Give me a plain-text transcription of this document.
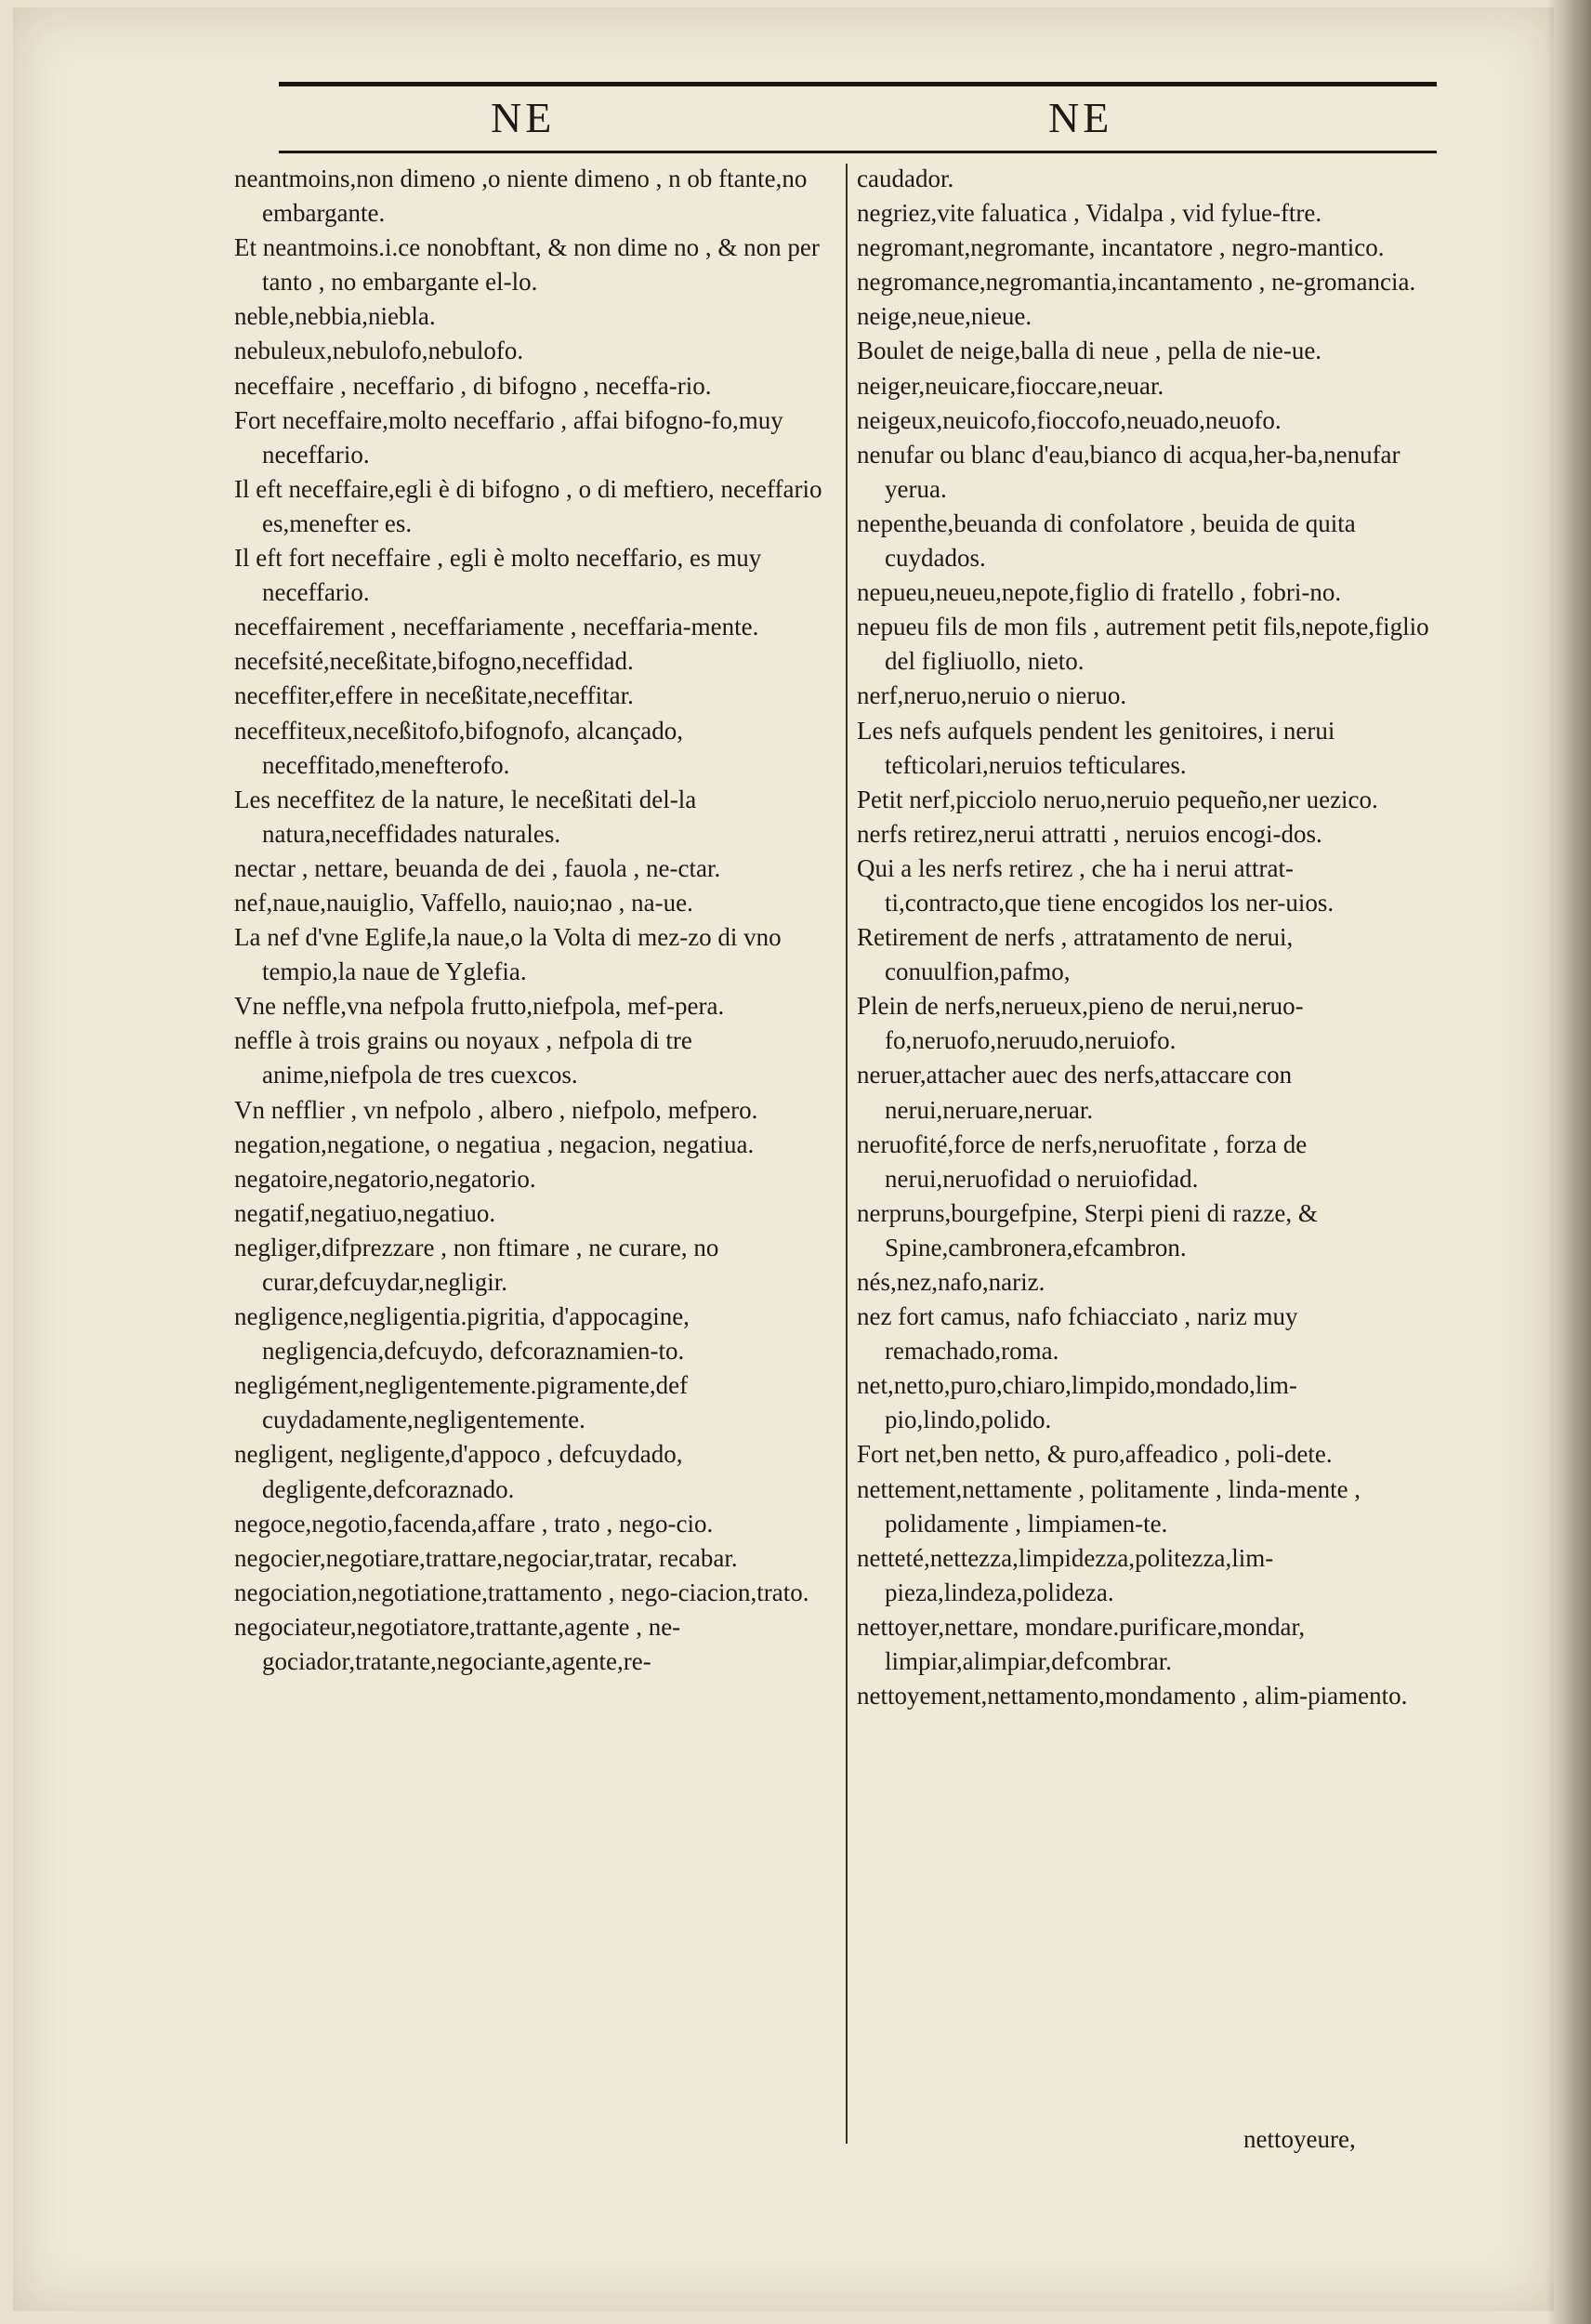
NE	NE

neantmoins,non dimeno ,o niente dimeno , n ob ftante,no embargante.

Et neantmoins.i.ce nonobftant, & non dime no , & non per tanto , no embargante el-lo.

neble,nebbia,niebla.

nebuleux,nebulofo,nebulofo.

neceffaire , neceffario , di bifogno , neceffa-rio.

Fort neceffaire,molto neceffario , affai bifogno-fo,muy neceffario.

Il eft neceffaire,egli è di bifogno , o di meftiero, neceffario es,menefter es.

Il eft fort neceffaire , egli è molto neceffario, es muy neceffario.

neceffairement , neceffariamente , neceffaria-mente.

necefsité,neceßitate,bifogno,neceffidad.

neceffiter,effere in neceßitate,neceffitar.

neceffiteux,neceßitofo,bifognofo, alcançado, neceffitado,menefterofo.

Les neceffitez de la nature, le neceßitati del-la natura,neceffidades naturales.

nectar , nettare, beuanda de dei , fauola , ne-ctar.

nef,naue,nauiglio, Vaffello, nauio;nao , na-ue.

La nef d'vne Eglife,la naue,o la Volta di mez-zo di vno tempio,la naue de Yglefia.

Vne neffle,vna nefpola frutto,niefpola, mef-pera.

neffle à trois grains ou noyaux , nefpola di tre anime,niefpola de tres cuexcos.

Vn nefflier , vn nefpolo , albero , niefpolo, mefpero.

negation,negatione, o negatiua , negacion, negatiua.

negatoire,negatorio,negatorio.

negatif,negatiuo,negatiuo.

negliger,difprezzare , non ftimare , ne curare, no curar,defcuydar,negligir.

negligence,negligentia.pigritia, d'appocagine, negligencia,defcuydo, defcoraznamien-to.

negligément,negligentemente.pigramente,def cuydadamente,negligentemente.

negligent, negligente,d'appoco , defcuydado, degligente,defcoraznado.

negoce,negotio,facenda,affare , trato , nego-cio.

negocier,negotiare,trattare,negociar,tratar, recabar.

negociation,negotiatione,trattamento , nego-ciacion,trato.

negociateur,negotiatore,trattante,agente , ne-gociador,tratante,negociante,agente,re-

caudador.

negriez,vite faluatica , Vidalpa , vid fylue-ftre.

negromant,negromante, incantatore , negro-mantico.

negromance,negromantia,incantamento , ne-gromancia.

neige,neue,nieue.

Boulet de neige,balla di neue , pella de nie-ue.

neiger,neuicare,fioccare,neuar.

neigeux,neuicofo,fioccofo,neuado,neuofo.

nenufar ou blanc d'eau,bianco di acqua,her-ba,nenufar yerua.

nepenthe,beuanda di confolatore , beuida de quita cuydados.

nepueu,neueu,nepote,figlio di fratello , fobri-no.

nepueu fils de mon fils , autrement petit fils,nepote,figlio del figliuollo, nieto.

nerf,neruo,neruio o nieruo.

Les nefs aufquels pendent les genitoires, i nerui tefticolari,neruios tefticulares.

Petit nerf,picciolo neruo,neruio pequeño,ner uezico.

nerfs retirez,nerui attratti , neruios encogi-dos.

Qui a les nerfs retirez , che ha i nerui attrat-ti,contracto,que tiene encogidos los ner-uios.

Retirement de nerfs , attratamento de nerui, conuulfion,pafmo,

Plein de nerfs,nerueux,pieno de nerui,neruo-fo,neruofo,neruudo,neruiofo.

neruer,attacher auec des nerfs,attaccare con nerui,neruare,neruar.

neruofité,force de nerfs,neruofitate , forza de nerui,neruofidad o neruiofidad.

nerpruns,bourgefpine, Sterpi pieni di razze, & Spine,cambronera,efcambron.

nés,nez,nafo,nariz.

nez fort camus, nafo fchiacciato , nariz muy remachado,roma.

net,netto,puro,chiaro,limpido,mondado,lim-pio,lindo,polido.

Fort net,ben netto, & puro,affeadico , poli-dete.

nettement,nettamente , politamente , linda-mente , polidamente , limpiamen-te.

netteté,nettezza,limpidezza,politezza,lim-pieza,lindeza,polideza.

nettoyer,nettare, mondare.purificare,mondar, limpiar,alimpiar,defcombrar.

nettoyement,nettamento,mondamento , alim-piamento.

nettoyeure,
